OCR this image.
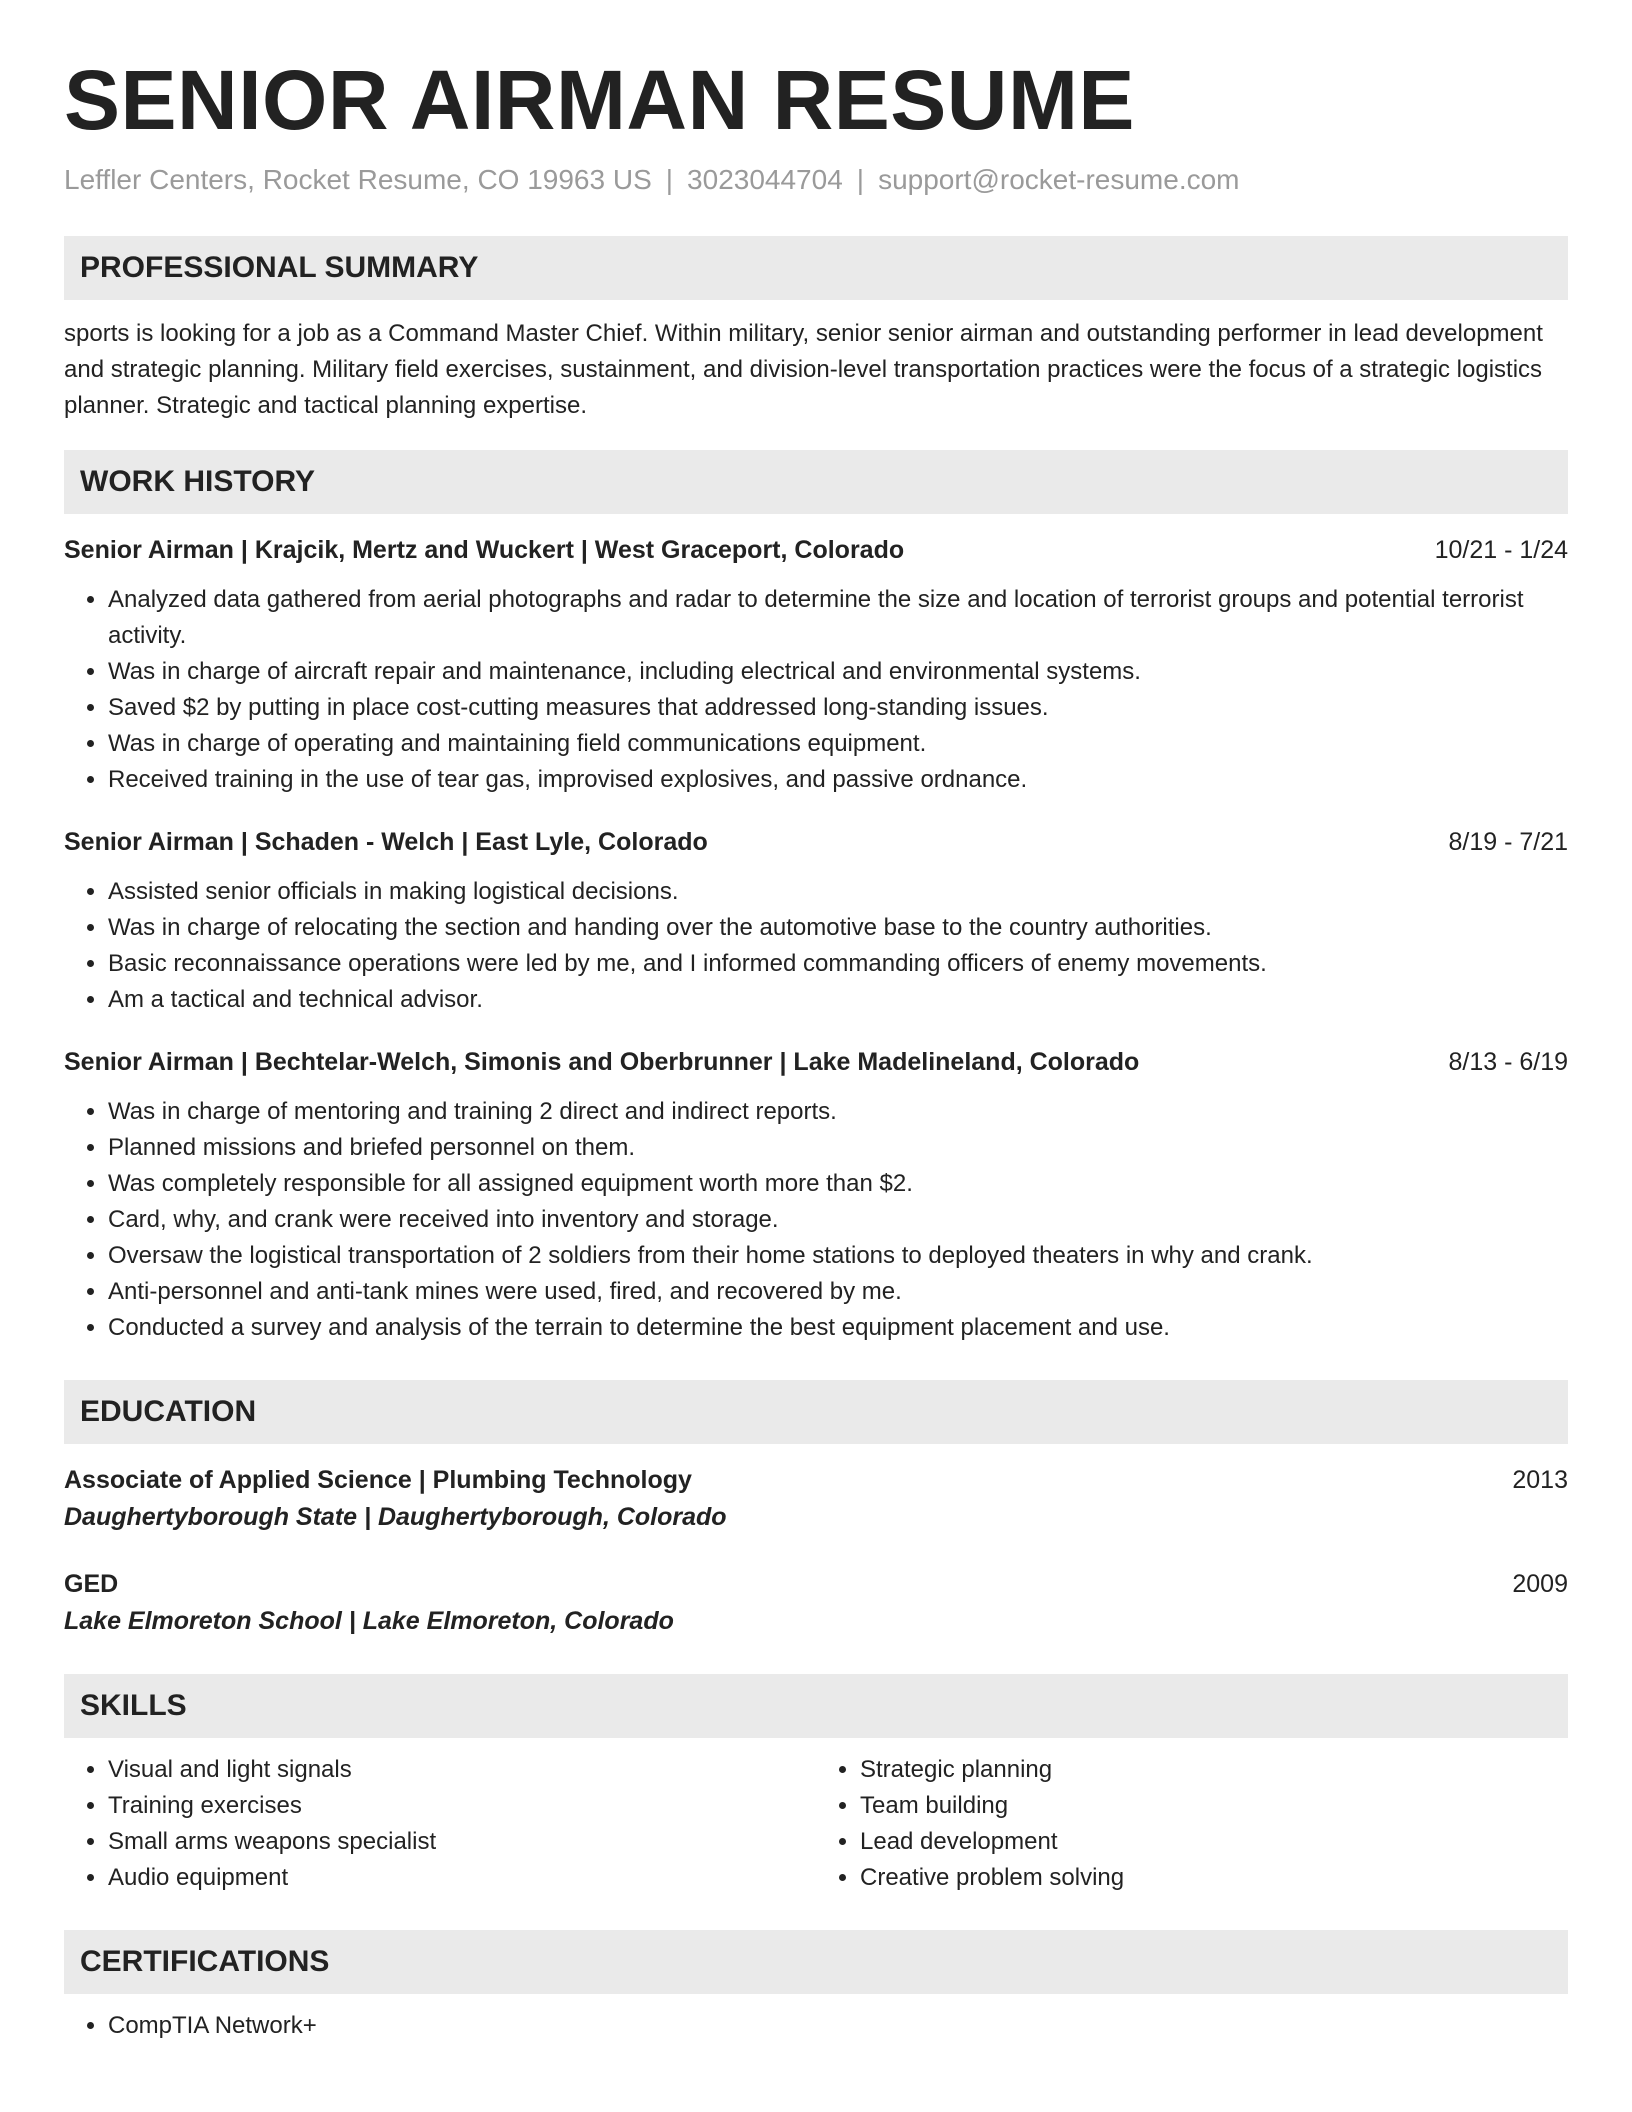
SENIOR AIRMAN RESUME
Leffler Centers, Rocket Resume, CO 19963 US | 3023044704 | support@rocket-resume.com
PROFESSIONAL SUMMARY
sports is looking for a job as a Command Master Chief. Within military, senior senior airman and outstanding performer in lead development and strategic planning. Military field exercises, sustainment, and division-level transportation practices were the focus of a strategic logistics planner. Strategic and tactical planning expertise.
WORK HISTORY
Senior Airman | Krajcik, Mertz and Wuckert | West Graceport, Colorado	10/21 - 1/24
• Analyzed data gathered from aerial photographs and radar to determine the size and location of terrorist groups and potential terrorist activity.
• Was in charge of aircraft repair and maintenance, including electrical and environmental systems.
• Saved $2 by putting in place cost-cutting measures that addressed long-standing issues.
• Was in charge of operating and maintaining field communications equipment.
• Received training in the use of tear gas, improvised explosives, and passive ordnance.
Senior Airman | Schaden - Welch | East Lyle, Colorado	8/19 - 7/21
• Assisted senior officials in making logistical decisions.
• Was in charge of relocating the section and handing over the automotive base to the country authorities.
• Basic reconnaissance operations were led by me, and I informed commanding officers of enemy movements.
• Am a tactical and technical advisor.
Senior Airman | Bechtelar-Welch, Simonis and Oberbrunner | Lake Madelineland, Colorado	8/13 - 6/19
• Was in charge of mentoring and training 2 direct and indirect reports.
• Planned missions and briefed personnel on them.
• Was completely responsible for all assigned equipment worth more than $2.
• Card, why, and crank were received into inventory and storage.
• Oversaw the logistical transportation of 2 soldiers from their home stations to deployed theaters in why and crank.
• Anti-personnel and anti-tank mines were used, fired, and recovered by me.
• Conducted a survey and analysis of the terrain to determine the best equipment placement and use.
EDUCATION
Associate of Applied Science | Plumbing Technology	2013
Daughertyborough State | Daughertyborough, Colorado
GED	2009
Lake Elmoreton School | Lake Elmoreton, Colorado
SKILLS
• Visual and light signals
• Training exercises
• Small arms weapons specialist
• Audio equipment
• Strategic planning
• Team building
• Lead development
• Creative problem solving
CERTIFICATIONS
• CompTIA Network+
